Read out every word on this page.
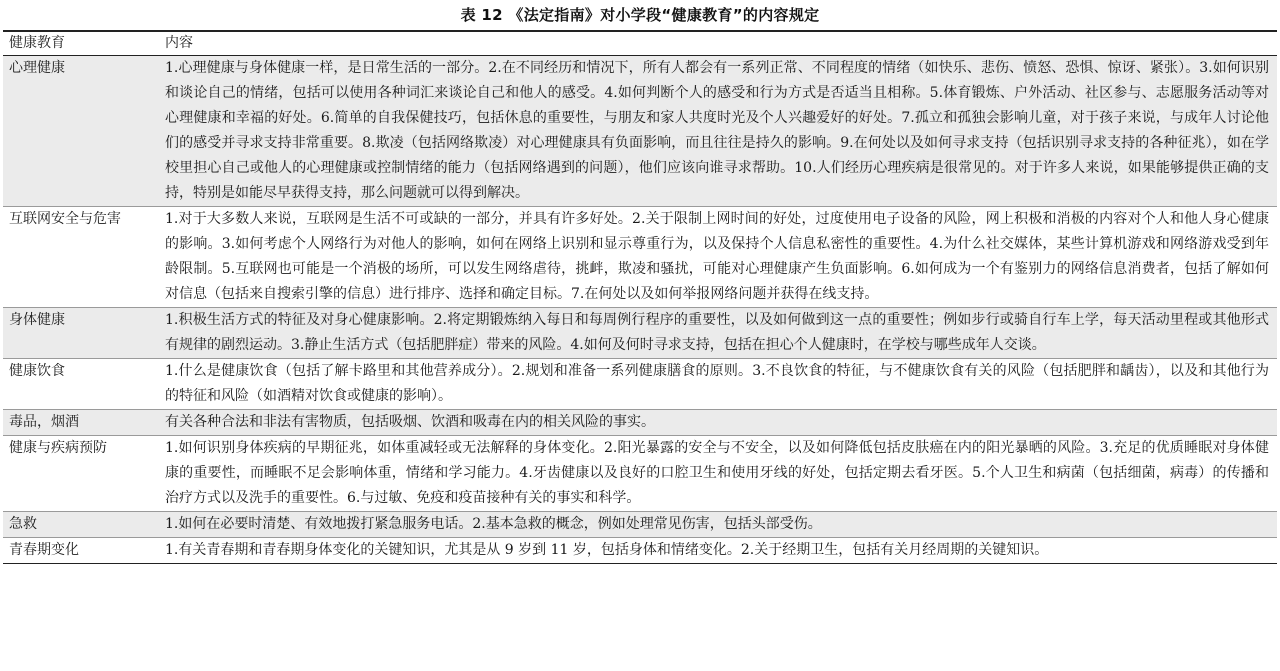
表 12 《法定指南》对小学段“健康教育”的内容规定
健康教育	内容
心理健康	1.心理健康与身体健康一样，是日常生活的一部分。2.在不同经历和情况下，所有人都会有一系列正常、不同程度的情绪（如快乐、悲伤、愤怒、恐惧、惊讶、紧张）。3.如何识别和谈论自己的情绪，包括可以使用各种词汇来谈论自己和他人的感受。4.如何判断个人的感受和行为方式是否适当且相称。5.体育锻炼、户外活动、社区参与、志愿服务活动等对心理健康和幸福的好处。6.简单的自我保健技巧，包括休息的重要性，与朋友和家人共度时光及个人兴趣爱好的好处。7.孤立和孤独会影响儿童，对于孩子来说，与成年人讨论他们的感受并寻求支持非常重要。8.欺凌（包括网络欺凌）对心理健康具有负面影响，而且往往是持久的影响。9.在何处以及如何寻求支持（包括识别寻求支持的各种征兆），如在学校里担心自己或他人的心理健康或控制情绪的能力（包括网络遇到的问题），他们应该向谁寻求帮助。10.人们经历心理疾病是很常见的。对于许多人来说，如果能够提供正确的支持，特别是如能尽早获得支持，那么问题就可以得到解决。
互联网安全与危害	1.对于大多数人来说，互联网是生活不可或缺的一部分，并具有许多好处。2.关于限制上网时间的好处，过度使用电子设备的风险，网上积极和消极的内容对个人和他人身心健康的影响。3.如何考虑个人网络行为对他人的影响，如何在网络上识别和显示尊重行为，以及保持个人信息私密性的重要性。4.为什么社交媒体，某些计算机游戏和网络游戏受到年龄限制。5.互联网也可能是一个消极的场所，可以发生网络虐待，挑衅，欺凌和骚扰，可能对心理健康产生负面影响。6.如何成为一个有鉴别力的网络信息消费者，包括了解如何对信息（包括来自搜索引擎的信息）进行排序、选择和确定目标。7.在何处以及如何举报网络问题并获得在线支持。
身体健康	1.积极生活方式的特征及对身心健康影响。2.将定期锻炼纳入每日和每周例行程序的重要性，以及如何做到这一点的重要性；例如步行或骑自行车上学，每天活动里程或其他形式有规律的剧烈运动。3.静止生活方式（包括肥胖症）带来的风险。4.如何及何时寻求支持，包括在担心个人健康时，在学校与哪些成年人交谈。
健康饮食	1.什么是健康饮食（包括了解卡路里和其他营养成分）。2.规划和准备一系列健康膳食的原则。3.不良饮食的特征，与不健康饮食有关的风险（包括肥胖和龋齿），以及和其他行为的特征和风险（如酒精对饮食或健康的影响）。
毒品，烟酒	有关各种合法和非法有害物质，包括吸烟、饮酒和吸毒在内的相关风险的事实。
健康与疾病预防	1.如何识别身体疾病的早期征兆，如体重减轻或无法解释的身体变化。2.阳光暴露的安全与不安全，以及如何降低包括皮肤癌在内的阳光暴晒的风险。3.充足的优质睡眠对身体健康的重要性，而睡眠不足会影响体重，情绪和学习能力。4.牙齿健康以及良好的口腔卫生和使用牙线的好处，包括定期去看牙医。5.个人卫生和病菌（包括细菌，病毒）的传播和治疗方式以及洗手的重要性。6.与过敏、免疫和疫苗接种有关的事实和科学。
急救	1.如何在必要时清楚、有效地拨打紧急服务电话。2.基本急救的概念，例如处理常见伤害，包括头部受伤。
青春期变化	1.有关青春期和青春期身体变化的关键知识，尤其是从 9 岁到 11 岁，包括身体和情绪变化。2.关于经期卫生，包括有关月经周期的关键知识。
